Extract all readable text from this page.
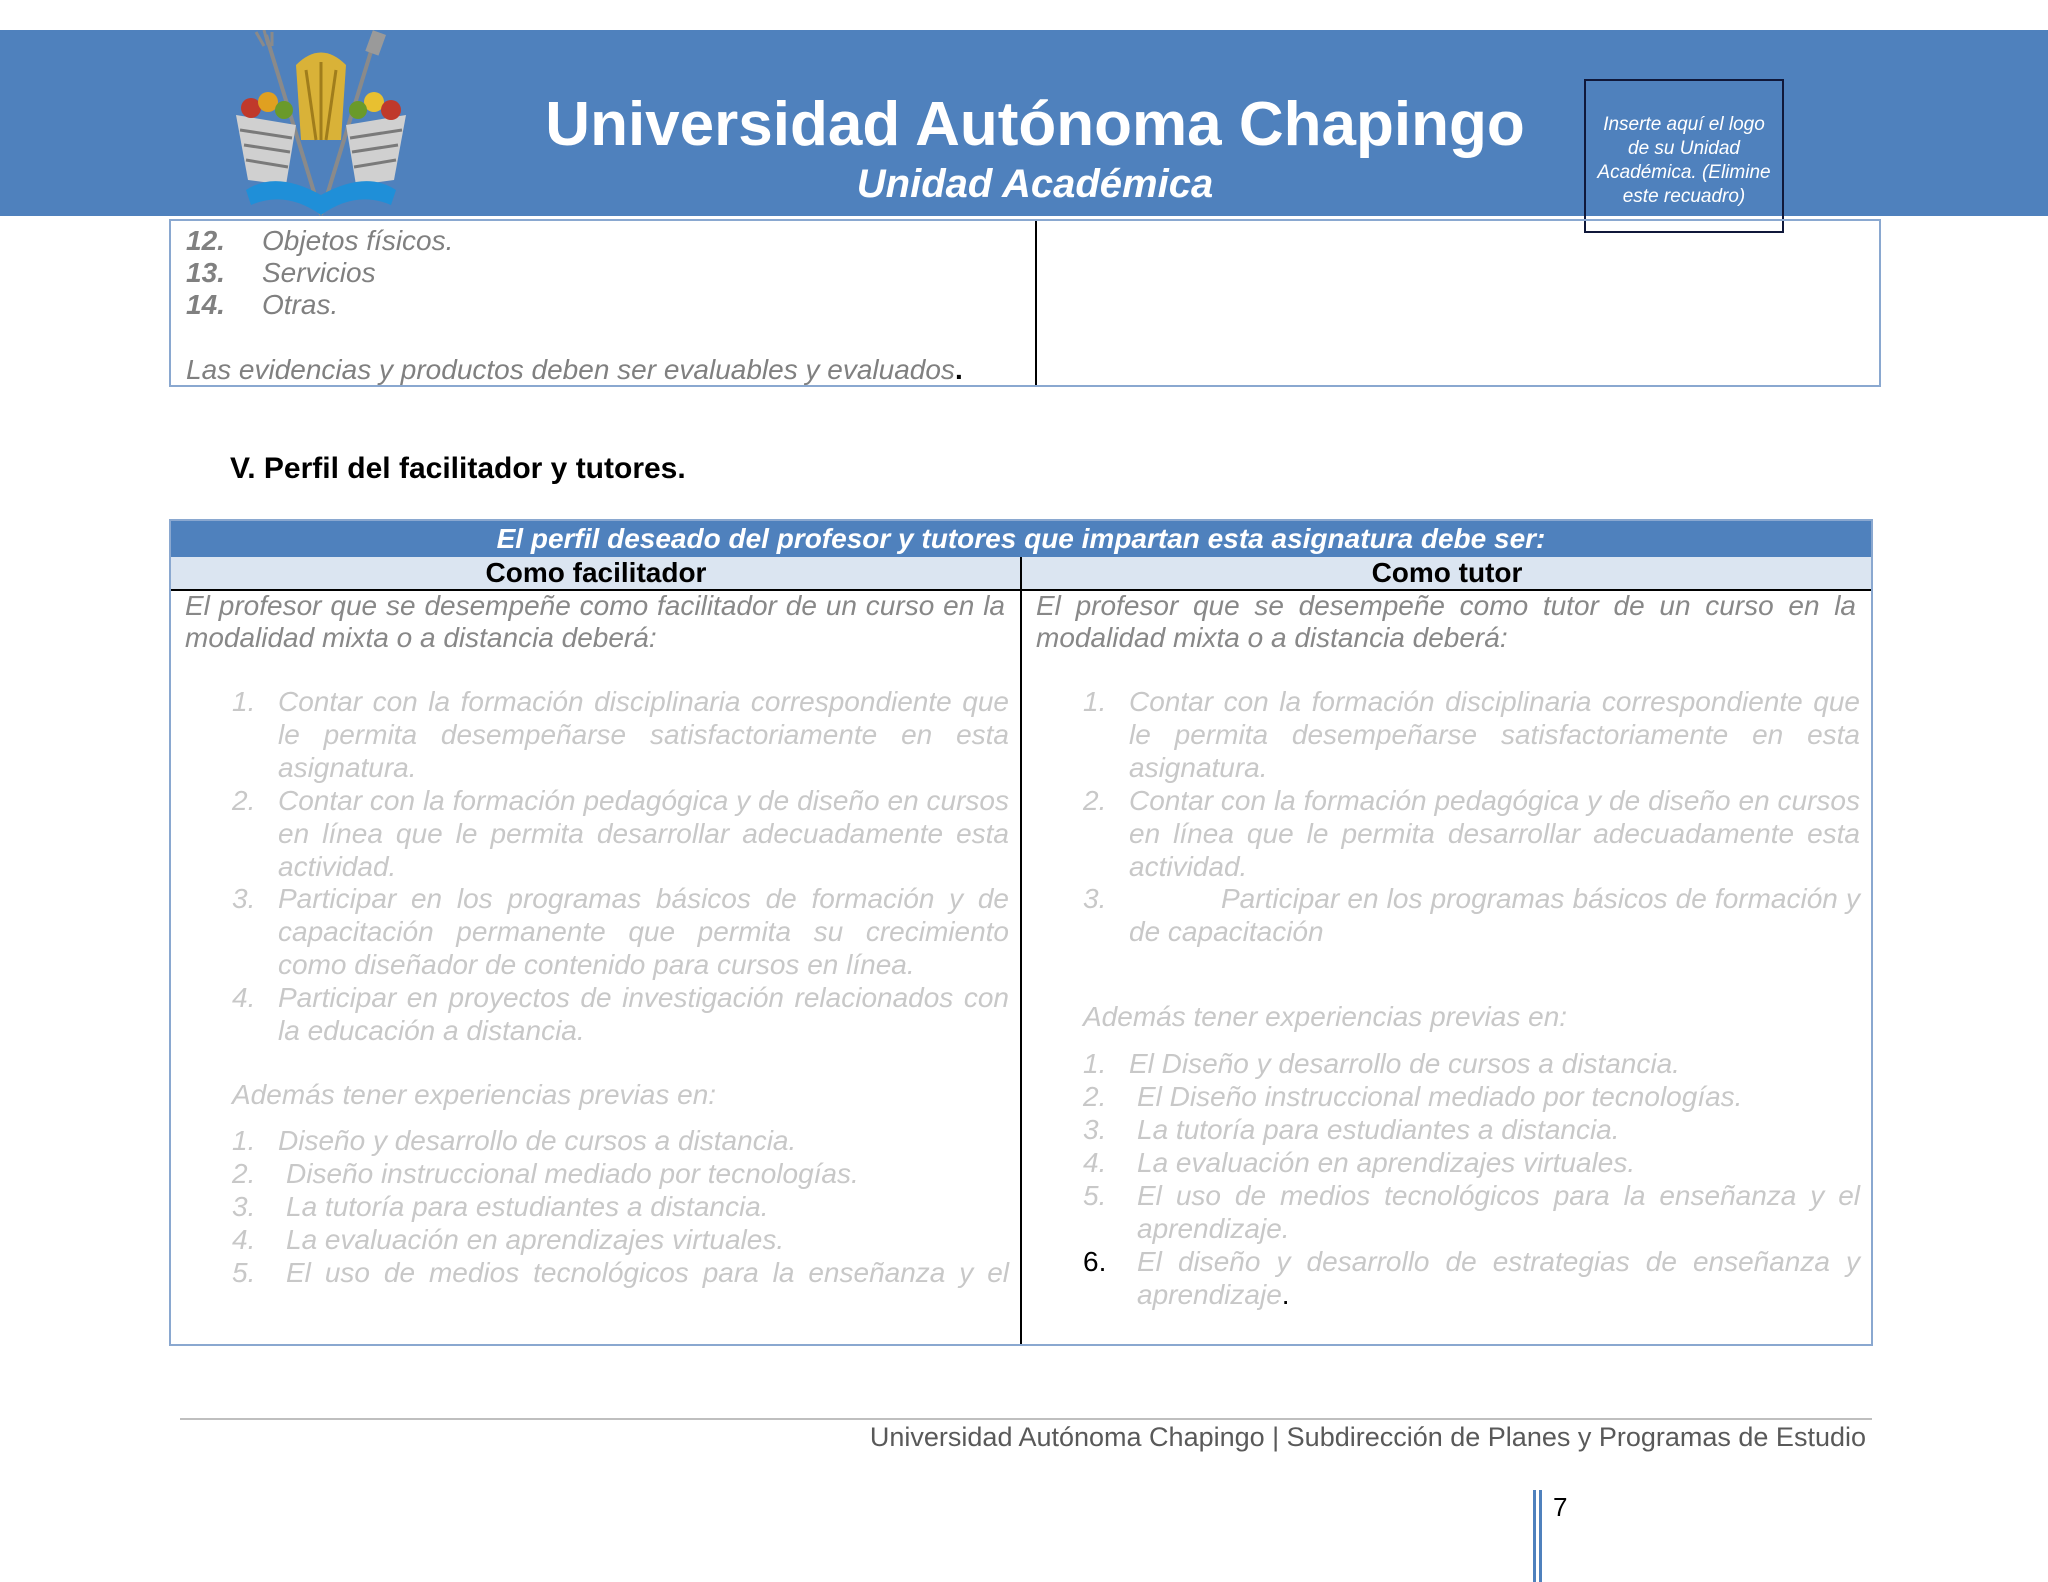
Universidad Autónoma Chapingo
Unidad Académica
Inserte aquí el logo de su Unidad Académica. (Elimine este recuadro)
12. Objetos físicos.
13. Servicios
14. Otras.
Las evidencias y productos deben ser evaluables y evaluados.
V. Perfil del facilitador y tutores.
El perfil deseado del profesor y tutores que impartan esta asignatura debe ser:
Como facilitador	Como tutor
El profesor que se desempeñe como facilitador de un curso en la modalidad mixta o a distancia deberá:
1. Contar con la formación disciplinaria correspondiente que le permita desempeñarse satisfactoriamente en esta asignatura.
2. Contar con la formación pedagógica y de diseño en cursos en línea que le permita desarrollar adecuadamente esta actividad.
3. Participar en los programas básicos de formación y de capacitación permanente que permita su crecimiento como diseñador de contenido para cursos en línea.
4. Participar en proyectos de investigación relacionados con la educación a distancia.
Además tener experiencias previas en:
1. Diseño y desarrollo de cursos a distancia.
2. Diseño instruccional mediado por tecnologías.
3. La tutoría para estudiantes a distancia.
4. La evaluación en aprendizajes virtuales.
5. El uso de medios tecnológicos para la enseñanza y el
El profesor que se desempeñe como tutor de un curso en la modalidad mixta o a distancia deberá:
1. Contar con la formación disciplinaria correspondiente que le permita desempeñarse satisfactoriamente en esta asignatura.
2. Contar con la formación pedagógica y de diseño en cursos en línea que le permita desarrollar adecuadamente esta actividad.
3.	Participar en los programas básicos de formación y de capacitación
Además tener experiencias previas en:
1. El Diseño y desarrollo de cursos a distancia.
2. El Diseño instruccional mediado por tecnologías.
3. La tutoría para estudiantes a distancia.
4. La evaluación en aprendizajes virtuales.
5. El uso de medios tecnológicos para la enseñanza y el aprendizaje.
6. El diseño y desarrollo de estrategias de enseñanza y aprendizaje.
Universidad Autónoma Chapingo | Subdirección de Planes y Programas de Estudio
7
